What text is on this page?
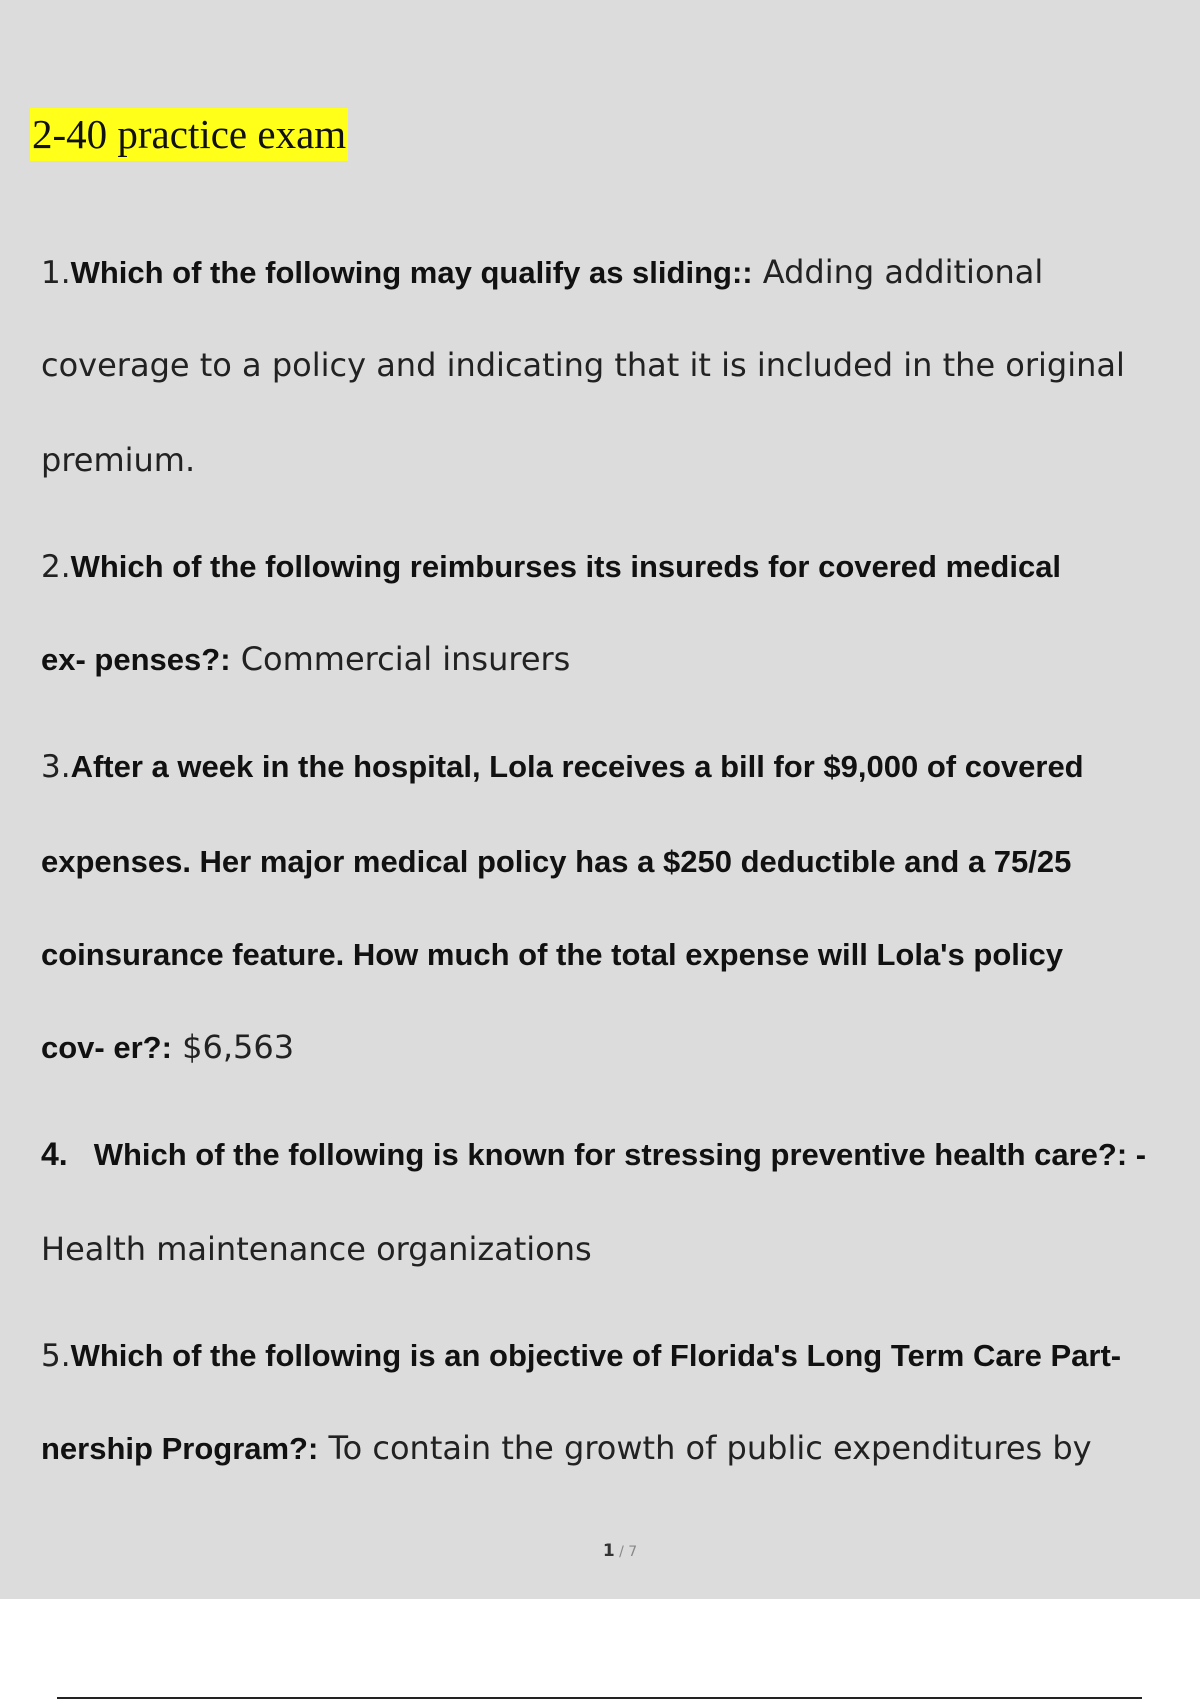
2-40 practice exam
1.Which of the following may qualify as sliding:: Adding additional
coverage to a policy and indicating that it is included in the original
premium.
2.Which of the following reimburses its insureds for covered medical
ex- penses?: Commercial insurers
3.After a week in the hospital, Lola receives a bill for $9,000 of covered
expenses. Her major medical policy has a $250 deductible and a 75/25
coinsurance feature. How much of the total expense will Lola's policy
cov- er?: $6,563
4. Which of the following is known for stressing preventive health care?: -
Health maintenance organizations
5.Which of the following is an objective of Florida's Long Term Care Part-
nership Program?: To contain the growth of public expenditures by
1 / 7
